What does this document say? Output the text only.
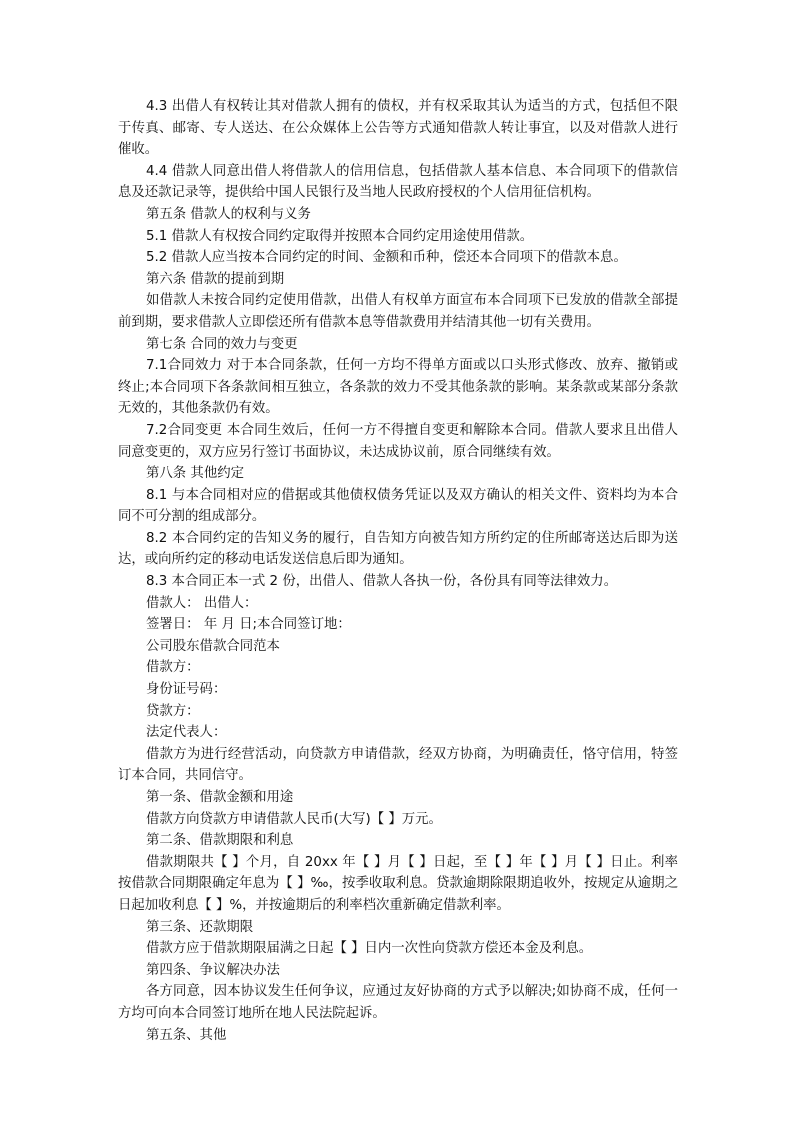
4.3 出借人有权转让其对借款人拥有的债权，并有权采取其认为适当的方式，包括但不限于传真、邮寄、专人送达、在公众媒体上公告等方式通知借款人转让事宜，以及对借款人进行催收。

4.4 借款人同意出借人将借款人的信用信息，包括借款人基本信息、本合同项下的借款信息及还款记录等，提供给中国人民银行及当地人民政府授权的个人信用征信机构。

第五条 借款人的权利与义务

5.1 借款人有权按合同约定取得并按照本合同约定用途使用借款。

5.2 借款人应当按本合同约定的时间、金额和币种，偿还本合同项下的借款本息。

第六条 借款的提前到期

如借款人未按合同约定使用借款，出借人有权单方面宣布本合同项下已发放的借款全部提前到期，要求借款人立即偿还所有借款本息等借款费用并结清其他一切有关费用。

第七条 合同的效力与变更

7.1合同效力 对于本合同条款，任何一方均不得单方面或以口头形式修改、放弃、撤销或终止;本合同项下各条款间相互独立，各条款的效力不受其他条款的影响。某条款或某部分条款无效的，其他条款仍有效。

7.2合同变更 本合同生效后，任何一方不得擅自变更和解除本合同。借款人要求且出借人同意变更的，双方应另行签订书面协议，未达成协议前，原合同继续有效。

第八条 其他约定

8.1 与本合同相对应的借据或其他债权债务凭证以及双方确认的相关文件、资料均为本合同不可分割的组成部分。

8.2 本合同约定的告知义务的履行，自告知方向被告知方所约定的住所邮寄送达后即为送达，或向所约定的移动电话发送信息后即为通知。

8.3 本合同正本一式 2 份，出借人、借款人各执一份，各份具有同等法律效力。

借款人： 出借人：

签署日： 年 月 日;本合同签订地：

公司股东借款合同范本

借款方：

身份证号码：

贷款方：

法定代表人：

借款方为进行经营活动，向贷款方申请借款，经双方协商，为明确责任，恪守信用，特签订本合同，共同信守。

第一条、借款金额和用途

借款方向贷款方申请借款人民币(大写)【 】万元。

第二条、借款期限和利息

借款期限共【 】个月，自 20xx 年【 】月【 】日起，至【 】年【 】月【 】日止。利率按借款合同期限确定年息为【 】‰，按季收取利息。贷款逾期除限期追收外，按规定从逾期之日起加收利息【 】%，并按逾期后的利率档次重新确定借款利率。

第三条、还款期限

借款方应于借款期限届满之日起【 】日内一次性向贷款方偿还本金及利息。

第四条、争议解决办法

各方同意，因本协议发生任何争议，应通过友好协商的方式予以解决;如协商不成，任何一方均可向本合同签订地所在地人民法院起诉。

第五条、其他
